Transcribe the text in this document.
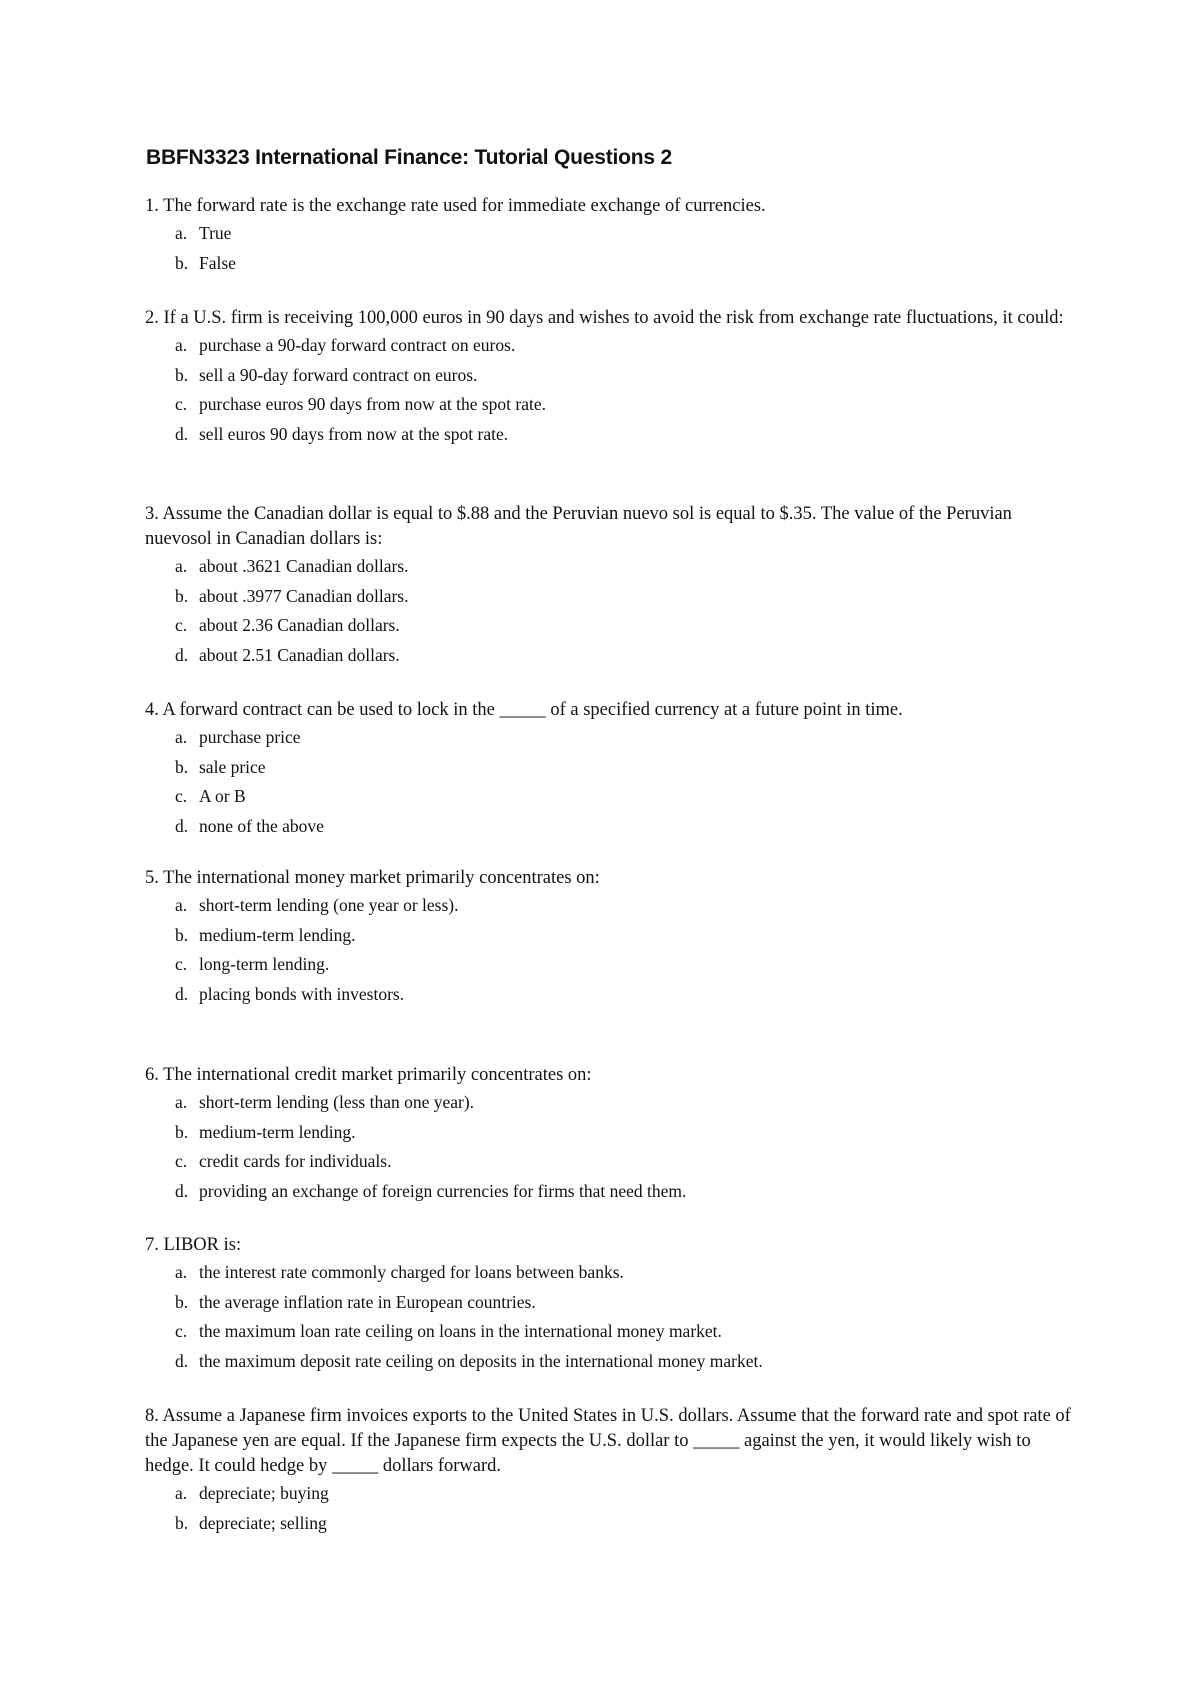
BBFN3323 International Finance: Tutorial Questions 2
1. The forward rate is the exchange rate used for immediate exchange of currencies.
a. True
b. False
2. If a U.S. firm is receiving 100,000 euros in 90 days and wishes to avoid the risk from exchange rate fluctuations, it could:
a. purchase a 90-day forward contract on euros.
b. sell a 90-day forward contract on euros.
c. purchase euros 90 days from now at the spot rate.
d. sell euros 90 days from now at the spot rate.
3. Assume the Canadian dollar is equal to $.88 and the Peruvian nuevo sol is equal to $.35. The value of the Peruvian nuevosol in Canadian dollars is:
a. about .3621 Canadian dollars.
b. about .3977 Canadian dollars.
c. about 2.36 Canadian dollars.
d. about 2.51 Canadian dollars.
4. A forward contract can be used to lock in the _____ of a specified currency at a future point in time.
a. purchase price
b. sale price
c. A or B
d. none of the above
5. The international money market primarily concentrates on:
a. short-term lending (one year or less).
b. medium-term lending.
c. long-term lending.
d. placing bonds with investors.
6. The international credit market primarily concentrates on:
a. short-term lending (less than one year).
b. medium-term lending.
c. credit cards for individuals.
d. providing an exchange of foreign currencies for firms that need them.
7. LIBOR is:
a. the interest rate commonly charged for loans between banks.
b. the average inflation rate in European countries.
c. the maximum loan rate ceiling on loans in the international money market.
d. the maximum deposit rate ceiling on deposits in the international money market.
8. Assume a Japanese firm invoices exports to the United States in U.S. dollars. Assume that the forward rate and spot rate of the Japanese yen are equal. If the Japanese firm expects the U.S. dollar to _____ against the yen, it would likely wish to hedge. It could hedge by _____ dollars forward.
a. depreciate; buying
b. depreciate; selling
